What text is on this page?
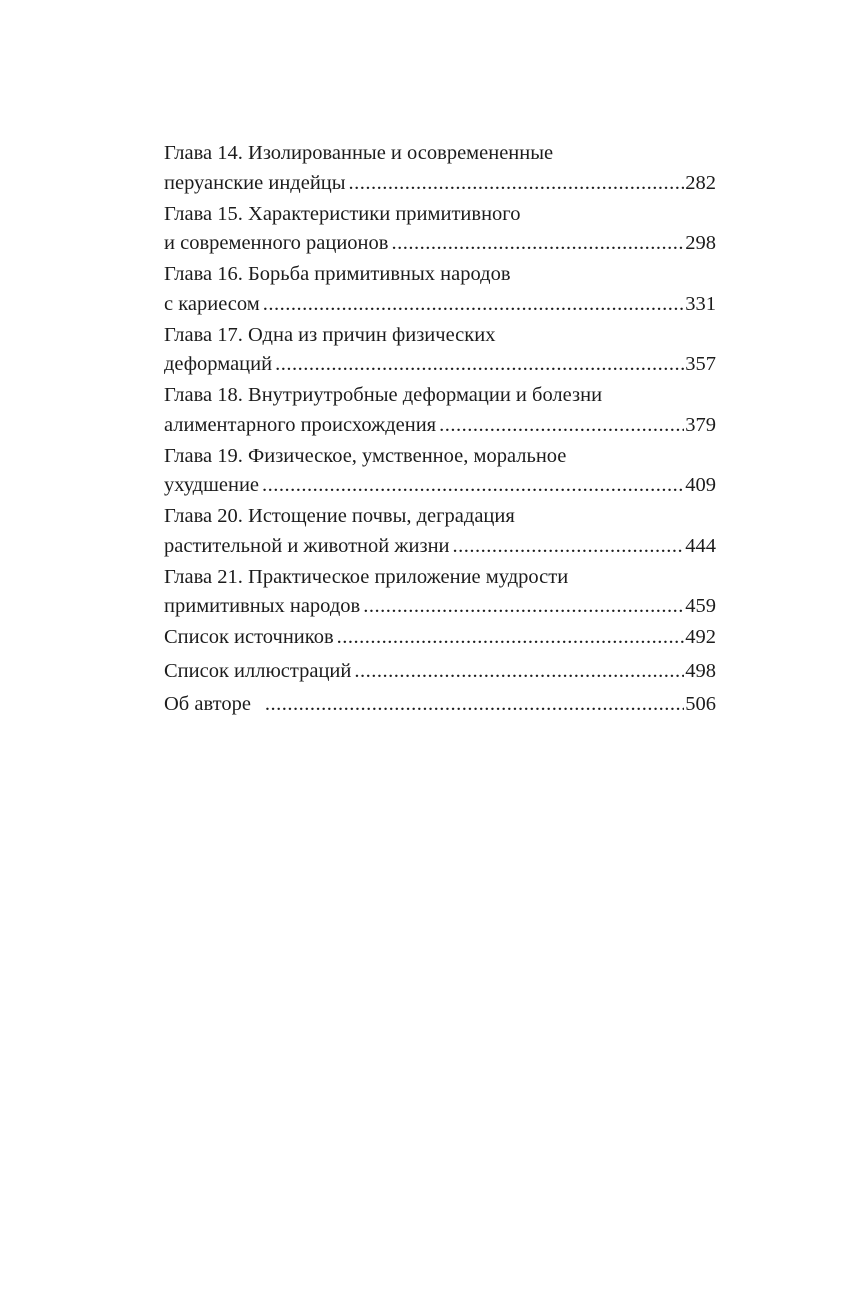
Глава 14. Изолированные и осовремененные
перуанские индейцы .....	282
Глава 15. Характеристики примитивного
и современного рационов .....	298
Глава 16. Борьба примитивных народов
с кариесом .....	331
Глава 17. Одна из причин физических
деформаций .....	357
Глава 18. Внутриутробные деформации и болезни
алиментарного происхождения .....	379
Глава 19. Физическое, умственное, моральное
ухудшение .....	409
Глава 20. Истощение почвы, деградация
растительной и животной жизни .....	444
Глава 21. Практическое приложение мудрости
примитивных народов .....	459
Список источников .....	492
Список иллюстраций .....	498
Об авторе .....	506
